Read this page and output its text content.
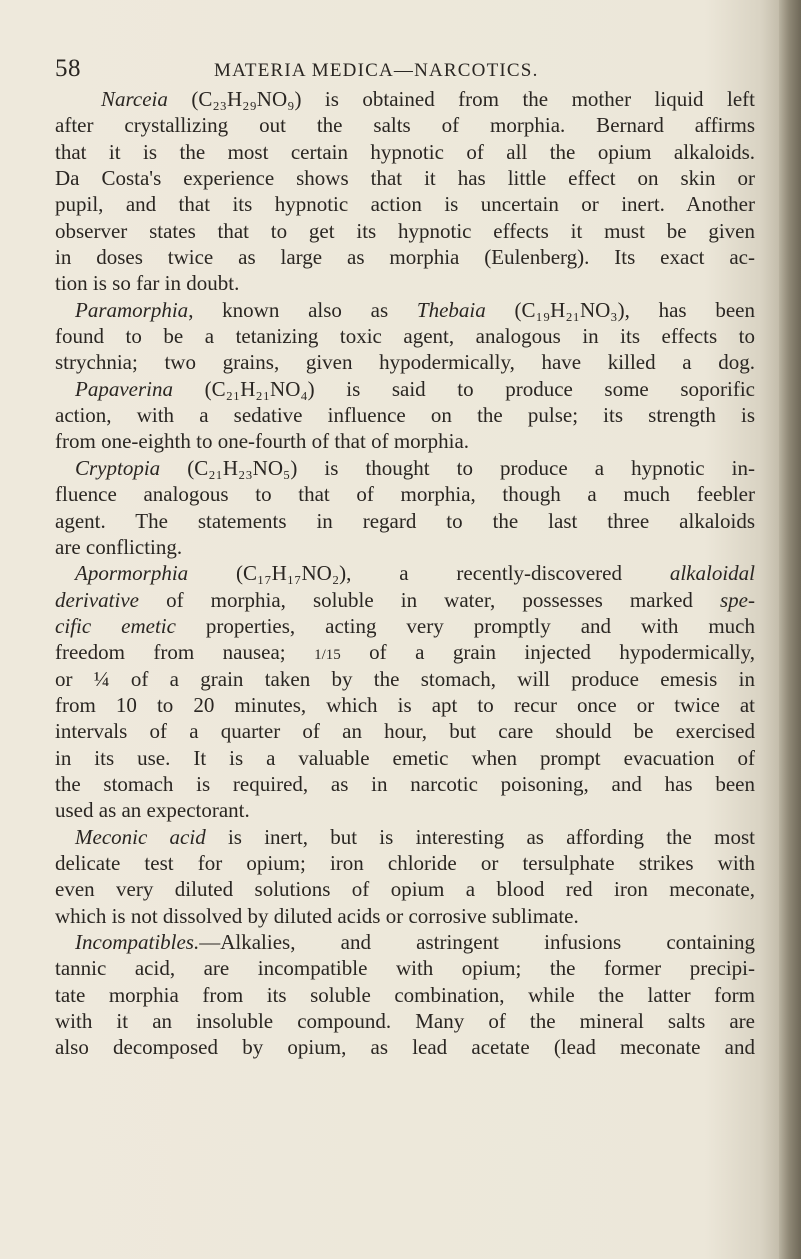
58	MATERIA MEDICA—NARCOTICS.
Narceia (C₂₃H₂₉NO₉) is obtained from the mother liquid left
after crystallizing out the salts of morphia. Bernard affirms
that it is the most certain hypnotic of all the opium alkaloids.
Da Costa's experience shows that it has little effect on skin or
pupil, and that its hypnotic action is uncertain or inert. Another
observer states that to get its hypnotic effects it must be given
in doses twice as large as morphia (Eulenberg). Its exact ac-
tion is so far in doubt.
Paramorphia, known also as Thebaia (C₁₉H₂₁NO₃), has been
found to be a tetanizing toxic agent, analogous in its effects to
strychnia; two grains, given hypodermically, have killed a dog.
Papaverina (C₂₁H₂₁NO₄) is said to produce some soporific
action, with a sedative influence on the pulse; its strength is
from one-eighth to one-fourth of that of morphia.
Cryptopia (C₂₁H₂₃NO₅) is thought to produce a hypnotic in-
fluence analogous to that of morphia, though a much feebler
agent. The statements in regard to the last three alkaloids
are conflicting.
Apormorphia (C₁₇H₁₇NO₂), a recently-discovered alkaloidal
derivative of morphia, soluble in water, possesses marked spe-
cific emetic properties, acting very promptly and with much
freedom from nausea; 1/15 of a grain injected hypodermically,
or ¼ of a grain taken by the stomach, will produce emesis in
from 10 to 20 minutes, which is apt to recur once or twice at
intervals of a quarter of an hour, but care should be exercised
in its use. It is a valuable emetic when prompt evacuation of
the stomach is required, as in narcotic poisoning, and has been
used as an expectorant.
Meconic acid is inert, but is interesting as affording the most
delicate test for opium; iron chloride or tersulphate strikes with
even very diluted solutions of opium a blood red iron meconate,
which is not dissolved by diluted acids or corrosive sublimate.
Incompatibles.—Alkalies, and astringent infusions containing
tannic acid, are incompatible with opium; the former precipi-
tate morphia from its soluble combination, while the latter form
with it an insoluble compound. Many of the mineral salts are
also decomposed by opium, as lead acetate (lead meconate and
